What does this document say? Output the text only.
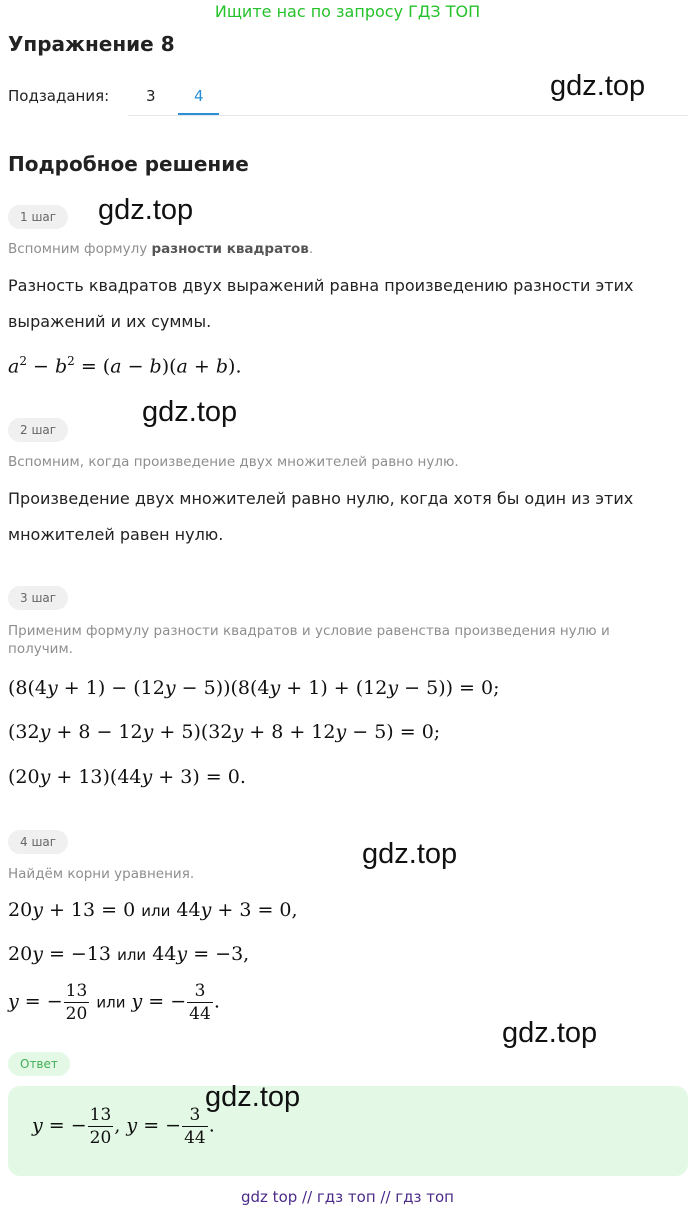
Ищите нас по запросу ГДЗ ТОП
Упражнение 8
Подзадания: 3	4	gdz.top
Подробное решение
1 шаг	gdz.top
Вспомним формулу разности квадратов.
Разность квадратов двух выражений равна произведению разности этих выражений и их суммы.
$a^2 - b^2 = (a - b)(a + b)$.
gdz.top
2 шаг
Вспомним, когда произведение двух множителей равно нулю.
Произведение двух множителей равно нулю, когда хотя бы один из этих множителей равен нулю.
3 шаг
Применим формулу разности квадратов и условие равенства произведения нулю и получим.
(8(4y + 1) − (12y − 5))(8(4y + 1) + (12y − 5)) = 0;
(32y + 8 − 12y + 5)(32y + 8 + 12y − 5) = 0;
(20y + 13)(44y + 3) = 0.
4 шаг	gdz.top
Найдём корни уравнения.
20y + 13 = 0 или 44y + 3 = 0,
20y = −13 или 44y = −3,
y = − $\frac{13}{20}$ или y = − $\frac{3}{44}$ .
gdz.top
Ответ
y = − $\frac{13}{20}$ , y = − $\frac{3}{44}$ .
gdz.top
gdz top // гдз топ // гдз топ
